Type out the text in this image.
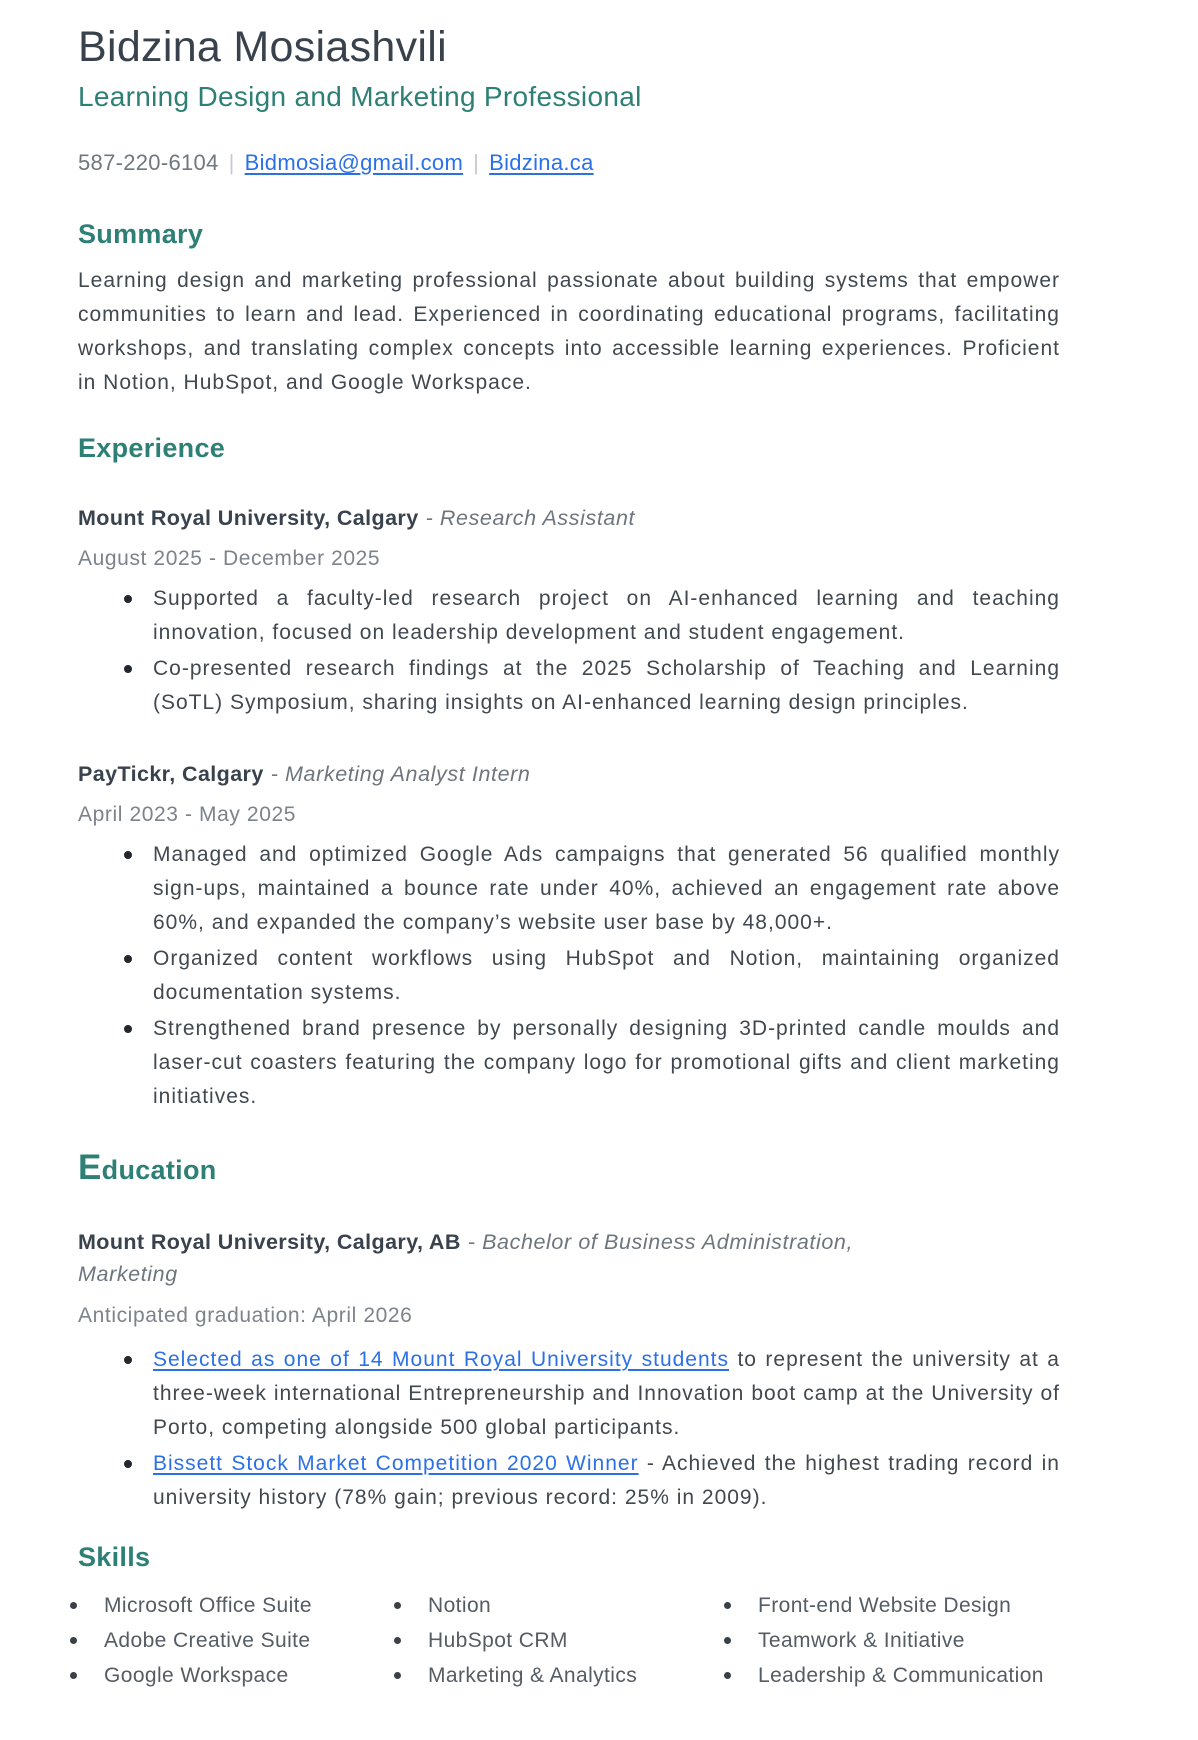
Bidzina Mosiashvili
Learning Design and Marketing Professional
587-220-6104 | Bidmosia@gmail.com | Bidzina.ca
Summary
Learning design and marketing professional passionate about building systems that empower communities to learn and lead. Experienced in coordinating educational programs, facilitating workshops, and translating complex concepts into accessible learning experiences. Proficient in Notion, HubSpot, and Google Workspace.
Experience
Mount Royal University, Calgary - Research Assistant
August 2025 - December 2025
Supported a faculty-led research project on AI-enhanced learning and teaching innovation, focused on leadership development and student engagement.
Co-presented research findings at the 2025 Scholarship of Teaching and Learning (SoTL) Symposium, sharing insights on AI-enhanced learning design principles.
PayTickr, Calgary - Marketing Analyst Intern
April 2023 - May 2025
Managed and optimized Google Ads campaigns that generated 56 qualified monthly sign-ups, maintained a bounce rate under 40%, achieved an engagement rate above 60%, and expanded the company’s website user base by 48,000+.
Organized content workflows using HubSpot and Notion, maintaining organized documentation systems.
Strengthened brand presence by personally designing 3D-printed candle moulds and laser-cut coasters featuring the company logo for promotional gifts and client marketing initiatives.
Education
Mount Royal University, Calgary, AB - Bachelor of Business Administration, Marketing
Anticipated graduation: April 2026
Selected as one of 14 Mount Royal University students to represent the university at a three-week international Entrepreneurship and Innovation boot camp at the University of Porto, competing alongside 500 global participants.
Bissett Stock Market Competition 2020 Winner - Achieved the highest trading record in university history (78% gain; previous record: 25% in 2009).
Skills
Microsoft Office Suite
Adobe Creative Suite
Google Workspace
Notion
HubSpot CRM
Marketing & Analytics
Front-end Website Design
Teamwork & Initiative
Leadership & Communication
